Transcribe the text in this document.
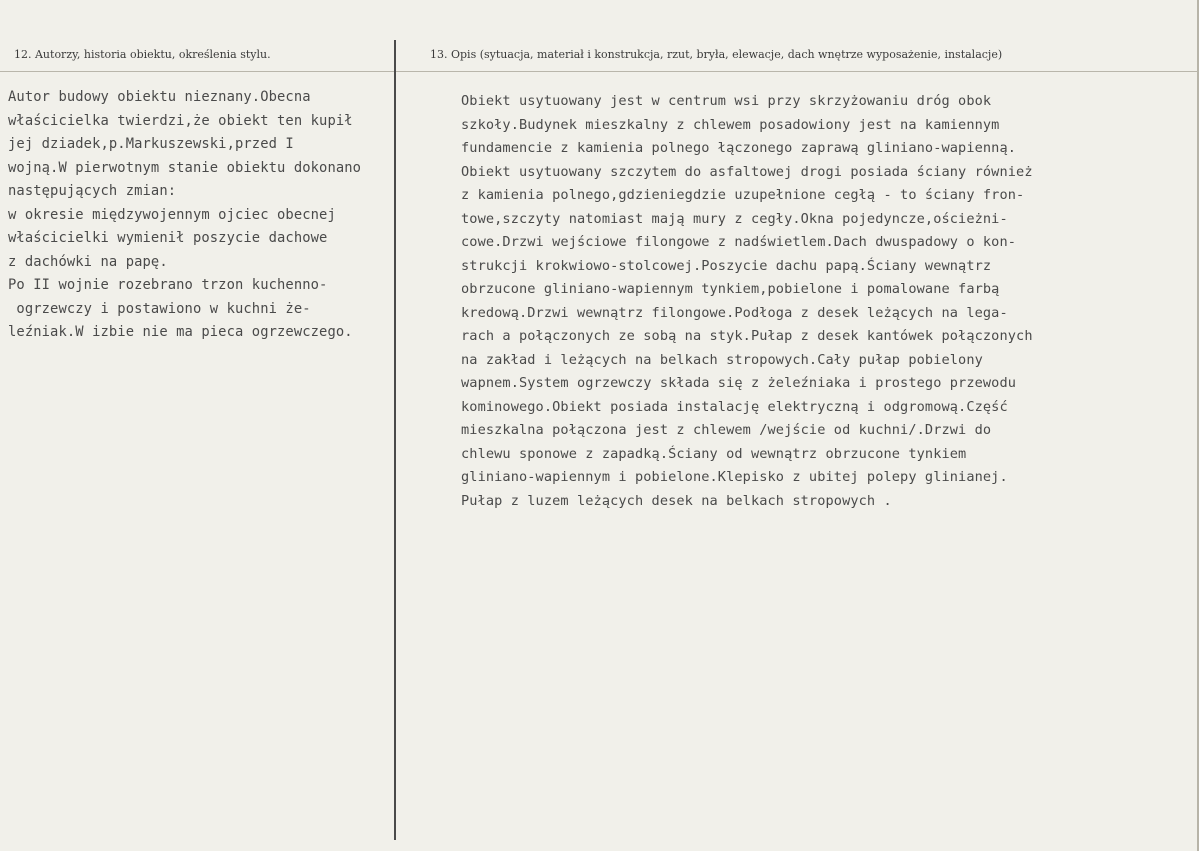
12. Autorzy, historia obiektu, określenia stylu.	13. Opis (sytuacja, materiał i konstrukcja, rzut, bryła, elewacje, dach wnętrze wyposażenie, instalacje)
Autor budowy obiektu nieznany.Obecna
właścicielka twierdzi,że obiekt ten kupił
jej dziadek,p.Markuszewski,przed I
wojną.W pierwotnym stanie obiektu dokonano
następujących zmian:
w okresie międzywojennym ojciec obecnej
właścicielki wymienił poszycie dachowe
z dachówki na papę.
Po II wojnie rozebrano trzon kuchenno-
ogrzewczy i postawiono w kuchni że-
leźniak.W izbie nie ma pieca ogrzewczego.
Obiekt usytuowany jest w centrum wsi przy skrzyżowaniu dróg obok
szkoły.Budynek mieszkalny z chlewem posadowiony jest na kamiennym
fundamencie z kamienia polnego łączonego zaprawą gliniano-wapienną.
Obiekt usytuowany szczytem do asfaltowej drogi posiada ściany również
z kamienia polnego,gdzieniegdzie uzupełnione cegłą - to ściany fron-
towe,szczyty natomiast mają mury z cegły.Okna pojedyncze,ościeżni-
cowe.Drzwi wejściowe filongowe z nadświetlem.Dach dwuspadowy o kon-
strukcji krokwiowo-stolcowej.Poszycie dachu papą.Ściany wewnątrz
obrzucone gliniano-wapiennym tynkiem,pobielone i pomalowane farbą
kredową.Drzwi wewnątrz filongowe.Podłoga z desek leżących na lega-
rach a połączonych ze sobą na styk.Pułap z desek kantówek połączonych
na zakład i leżących na belkach stropowych.Cały pułap pobielony
wapnem.System ogrzewczy składa się z żeleźniaka i prostego przewodu
kominowego.Obiekt posiada instalację elektryczną i odgromową.Część
mieszkalna połączona jest z chlewem /wejście od kuchni/.Drzwi do
chlewu sponowe z zapadką.Ściany od wewnątrz obrzucone tynkiem
gliniano-wapiennym i pobielone.Klepisko z ubitej polepy glinianej.
Pułap z luzem leżących desek na belkach stropowych .
